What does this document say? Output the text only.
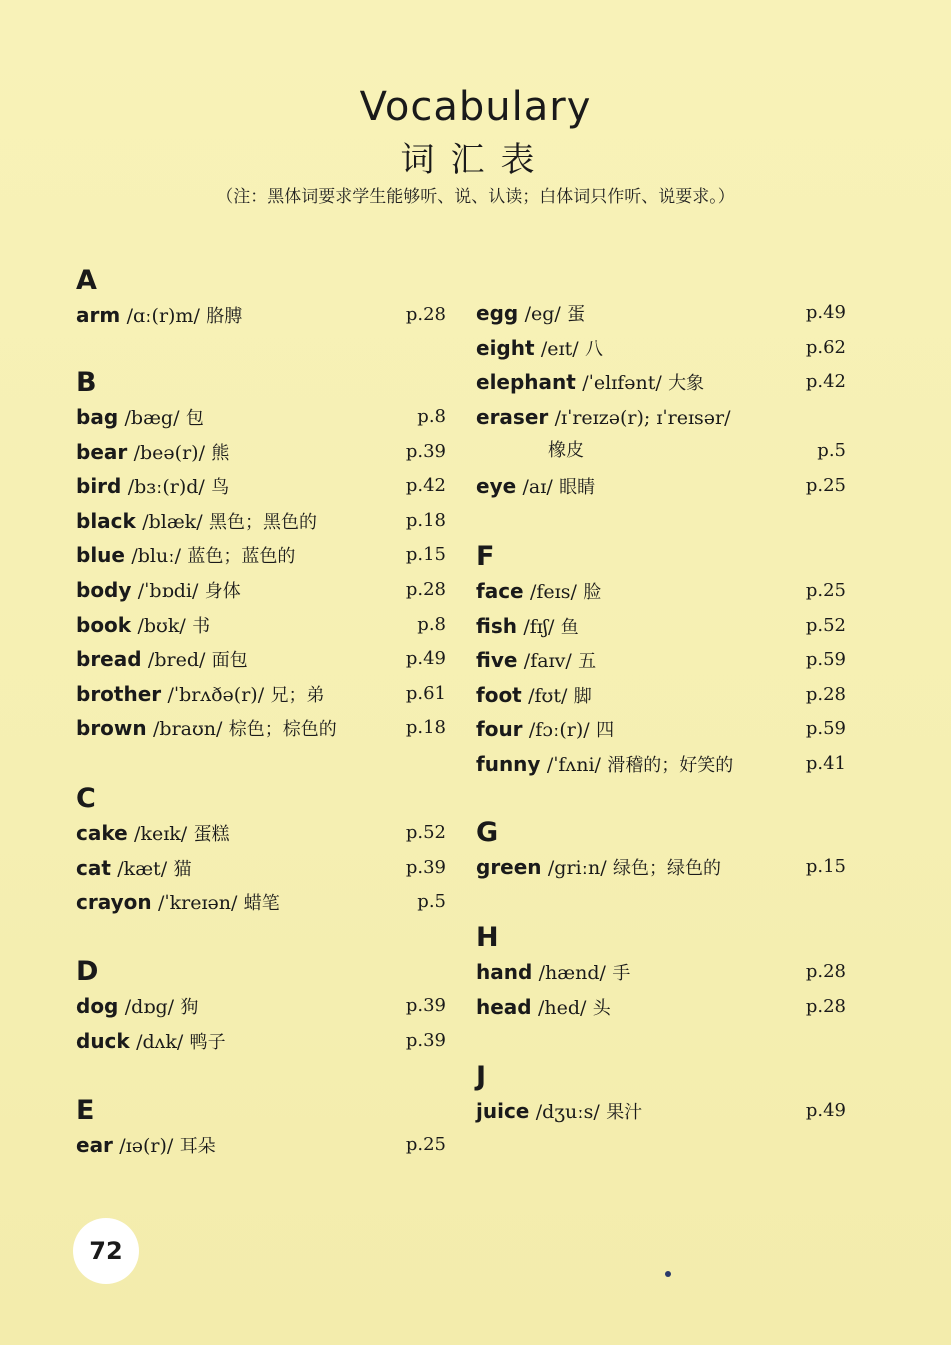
Vocabulary
词汇表
（注：黑体词要求学生能够听、说、认读；白体词只作听、说要求。）
A
arm /ɑː(r)m/ 胳膊	p.28
B
bag /bæg/ 包	p.8
bear /beə(r)/ 熊	p.39
bird /bɜː(r)d/ 鸟	p.42
black /blæk/ 黑色；黑色的	p.18
blue /bluː/ 蓝色；蓝色的	p.15
body /ˈbɒdi/ 身体	p.28
book /bʊk/ 书	p.8
bread /bred/ 面包	p.49
brother /ˈbrʌðə(r)/ 兄；弟	p.61
brown /braʊn/ 棕色；棕色的	p.18
C
cake /keɪk/ 蛋糕	p.52
cat /kæt/ 猫	p.39
crayon /ˈkreɪən/ 蜡笔	p.5
D
dog /dɒg/ 狗	p.39
duck /dʌk/ 鸭子	p.39
E
ear /ɪə(r)/ 耳朵	p.25
egg /eg/ 蛋	p.49
eight /eɪt/ 八	p.62
elephant /ˈelɪfənt/ 大象	p.42
eraser /ɪˈreɪzə(r); ɪˈreɪsər/
橡皮	p.5
eye /aɪ/ 眼睛	p.25
F
face /feɪs/ 脸	p.25
fish /fɪʃ/ 鱼	p.52
five /faɪv/ 五	p.59
foot /fʊt/ 脚	p.28
four /fɔː(r)/ 四	p.59
funny /ˈfʌni/ 滑稽的；好笑的	p.41
G
green /griːn/ 绿色；绿色的	p.15
H
hand /hænd/ 手	p.28
head /hed/ 头	p.28
J
juice /dʒuːs/ 果汁	p.49
72
